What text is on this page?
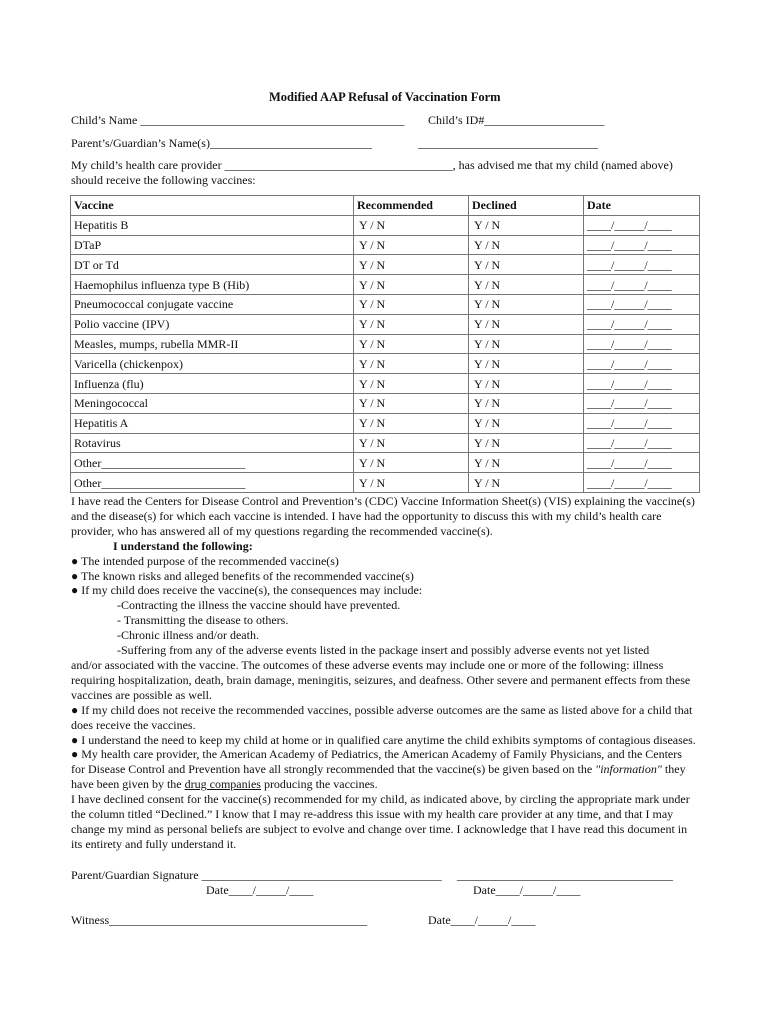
Modified AAP Refusal of Vaccination Form
Child’s Name ____________________________________________ Child’s ID#____________________
Parent’s/Guardian’s Name(s)___________________________	______________________________
My child’s health care provider ______________________________________, has advised me that my child (named above)
should receive the following vaccines:
Vaccine	Recommended	Declined	Date
Hepatitis B	Y / N	Y / N	____/_____/____
DTaP	Y / N	Y / N	____/_____/____
DT or Td	Y / N	Y / N	____/_____/____
Haemophilus influenza type B (Hib)	Y / N	Y / N	____/_____/____
Pneumococcal conjugate vaccine	Y / N	Y / N	____/_____/____
Polio vaccine (IPV)	Y / N	Y / N	____/_____/____
Measles, mumps, rubella MMR-II	Y / N	Y / N	____/_____/____
Varicella (chickenpox)	Y / N	Y / N	____/_____/____
Influenza (flu)	Y / N	Y / N	____/_____/____
Meningococcal	Y / N	Y / N	____/_____/____
Hepatitis A	Y / N	Y / N	____/_____/____
Rotavirus	Y / N	Y / N	____/_____/____
Other________________________	Y / N	Y / N	____/_____/____
Other________________________	Y / N	Y / N	____/_____/____

I have read the Centers for Disease Control and Prevention’s (CDC) Vaccine Information Sheet(s) (VIS) explaining the vaccine(s) and the disease(s) for which each vaccine is intended. I have had the opportunity to discuss this with my child’s health care provider, who has answered all of my questions regarding the recommended vaccine(s).

I understand the following:

● The intended purpose of the recommended vaccine(s)

● The known risks and alleged benefits of the recommended vaccine(s)

● If my child does receive the vaccine(s), the consequences may include:

-Contracting the illness the vaccine should have prevented.

- Transmitting the disease to others.

-Chronic illness and/or death.

-Suffering from any of the adverse events listed in the package insert and possibly adverse events not yet listed

and/or associated with the vaccine. The outcomes of these adverse events may include one or more of the following: illness requiring hospitalization, death, brain damage, meningitis, seizures, and deafness. Other severe and permanent effects from these vaccines are possible as well.

● If my child does not receive the recommended vaccines, possible adverse outcomes are the same as listed above for a child that does receive the vaccines.

● I understand the need to keep my child at home or in qualified care anytime the child exhibits symptoms of contagious diseases.

● My health care provider, the American Academy of Pediatrics, the American Academy of Family Physicians, and the Centers for Disease Control and Prevention have all strongly recommended that the vaccine(s) be given based on the "information" they have been given by the drug companies producing the vaccines.

I have declined consent for the vaccine(s) recommended for my child, as indicated above, by circling the appropriate mark under the column titled “Declined.” I know that I may re-address this issue with my health care provider at any time, and that I may change my mind as personal beliefs are subject to evolve and change over time. I acknowledge that I have read this document in its entirety and fully understand it.

Parent/Guardian Signature ________________________________________ ____________________________________
Date____/_____/____	Date____/_____/____
Witness___________________________________________	Date____/_____/____
